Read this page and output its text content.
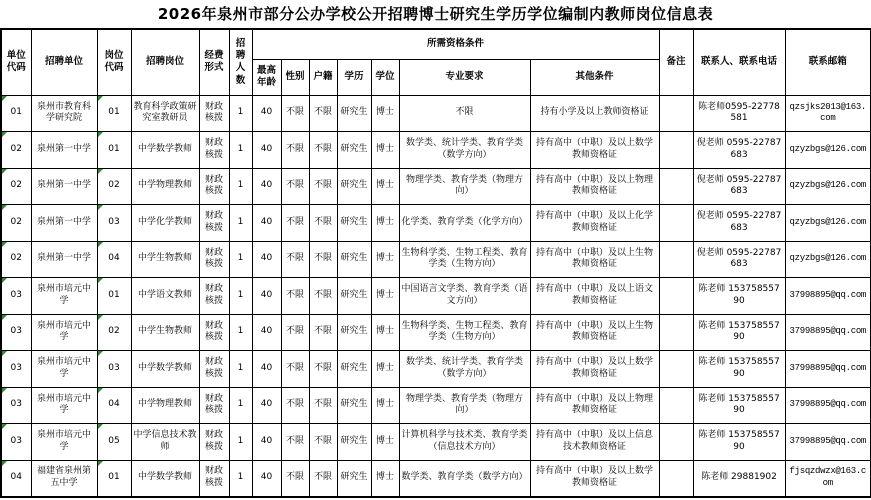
2026年泉州市部分公办学校公开招聘博士研究生学历学位编制内教师岗位信息表
单位代码	招聘单位	岗位代码	招聘岗位	经费形式	招聘人数	所需资格条件							备注	联系人、联系电话	联系邮箱
						最高年龄	性别	户籍	学历	学位	专业要求	其他条件			

01	泉州市教育科学研究院	01	教育科学政策研究室教研员	财政核拨	1	40	不限	不限	研究生	博士	不限	持有小学及以上教师资格证		陈老师0595-22778581	qzsjks2013@163.com

02	泉州第一中学	01	中学数学教师	财政核拨	1	40	不限	不限	研究生	博士	数学类、统计学类、教育学类（数学方向）	持有高中（中职）及以上数学教师资格证		倪老师 0595-22787683	qzyzbgs@126.com

02	泉州第一中学	02	中学物理教师	财政核拨	1	40	不限	不限	研究生	博士	物理学类、教育学类（物理方向）	持有高中（中职）及以上物理教师资格证		倪老师 0595-22787683	qzyzbgs@126.com

02	泉州第一中学	03	中学化学教师	财政核拨	1	40	不限	不限	研究生	博士	化学类、教育学类（化学方向）	持有高中（中职）及以上化学教师资格证		倪老师 0595-22787683	qzyzbgs@126.com

02	泉州第一中学	04	中学生物教师	财政核拨	1	40	不限	不限	研究生	博士	生物科学类、生物工程类、教育学类（生物方向）	持有高中（中职）及以上生物教师资格证		倪老师 0595-22787683	qzyzbgs@126.com

03	泉州市培元中学	01	中学语文教师	财政核拨	1	40	不限	不限	研究生	博士	中国语言文学类、教育学类（语文方向）	持有高中（中职）及以上语文教师资格证		陈老师 15375855790	37998895@qq.com

03	泉州市培元中学	02	中学生物教师	财政核拨	1	40	不限	不限	研究生	博士	生物科学类、生物工程类、教育学类（生物方向）	持有高中（中职）及以上生物教师资格证		陈老师 15375855790	37998895@qq.com

03	泉州市培元中学	03	中学数学教师	财政核拨	1	40	不限	不限	研究生	博士	数学类、统计学类、教育学类（数学方向）	持有高中（中职）及以上数学教师资格证		陈老师 15375855790	37998895@qq.com

03	泉州市培元中学	04	中学物理教师	财政核拨	1	40	不限	不限	研究生	博士	物理学类、教育学类（物理方向）	持有高中（中职）及以上物理教师资格证		陈老师 15375855790	37998895@qq.com

03	泉州市培元中学	05	中学信息技术教师	财政核拨	1	40	不限	不限	研究生	博士	计算机科学与技术类、教育学类（信息技术方向）	持有高中（中职）及以上信息技术教师资格证		陈老师 15375855790	37998895@qq.com

04	福建省泉州第五中学	01	中学数学教师	财政核拨	1	40	不限	不限	研究生	博士	数学类、教育学类（数学方向）	持有高中（中职）及以上数学教师资格证		陈老师 29881902	fjsqzdwzx@163.com
